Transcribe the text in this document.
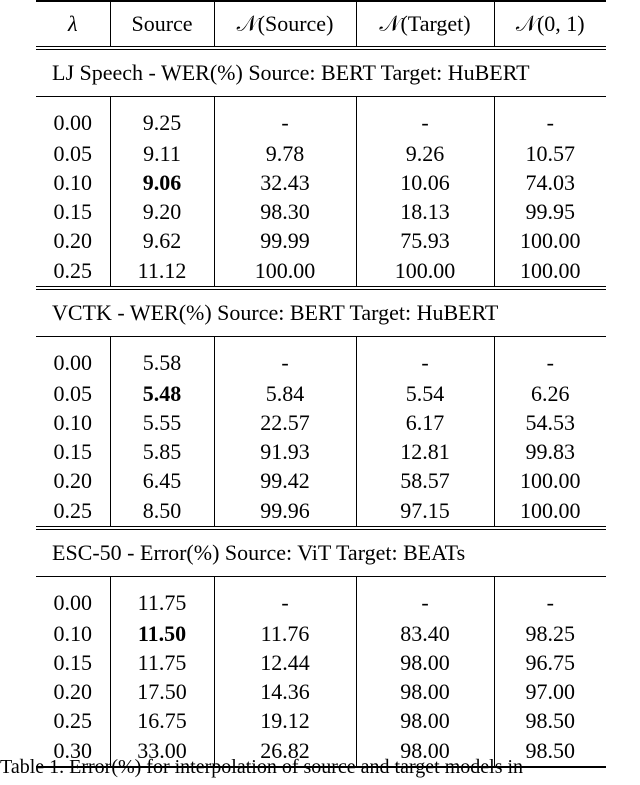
λ	Source	𝒩(Source)	𝒩(Target)	𝒩(0, 1)
LJ Speech - WER(%) Source: BERT Target: HuBERT				
0.00	9.25	-	-	-
0.05	9.11	9.78	9.26	10.57
0.10	9.06	32.43	10.06	74.03
0.15	9.20	98.30	18.13	99.95
0.20	9.62	99.99	75.93	100.00
0.25	11.12	100.00	100.00	100.00
VCTK - WER(%) Source: BERT Target: HuBERT				
0.00	5.58	-	-	-
0.05	5.48	5.84	5.54	6.26
0.10	5.55	22.57	6.17	54.53
0.15	5.85	91.93	12.81	99.83
0.20	6.45	99.42	58.57	100.00
0.25	8.50	99.96	97.15	100.00
ESC-50 - Error(%) Source: ViT Target: BEATs				
0.00	11.75	-	-	-
0.10	11.50	11.76	83.40	98.25
0.15	11.75	12.44	98.00	96.75
0.20	17.50	14.36	98.00	97.00
0.25	16.75	19.12	98.00	98.50
0.30	33.00	26.82	98.00	98.50
Table 1. Error(%) for interpolation of source and target models in
